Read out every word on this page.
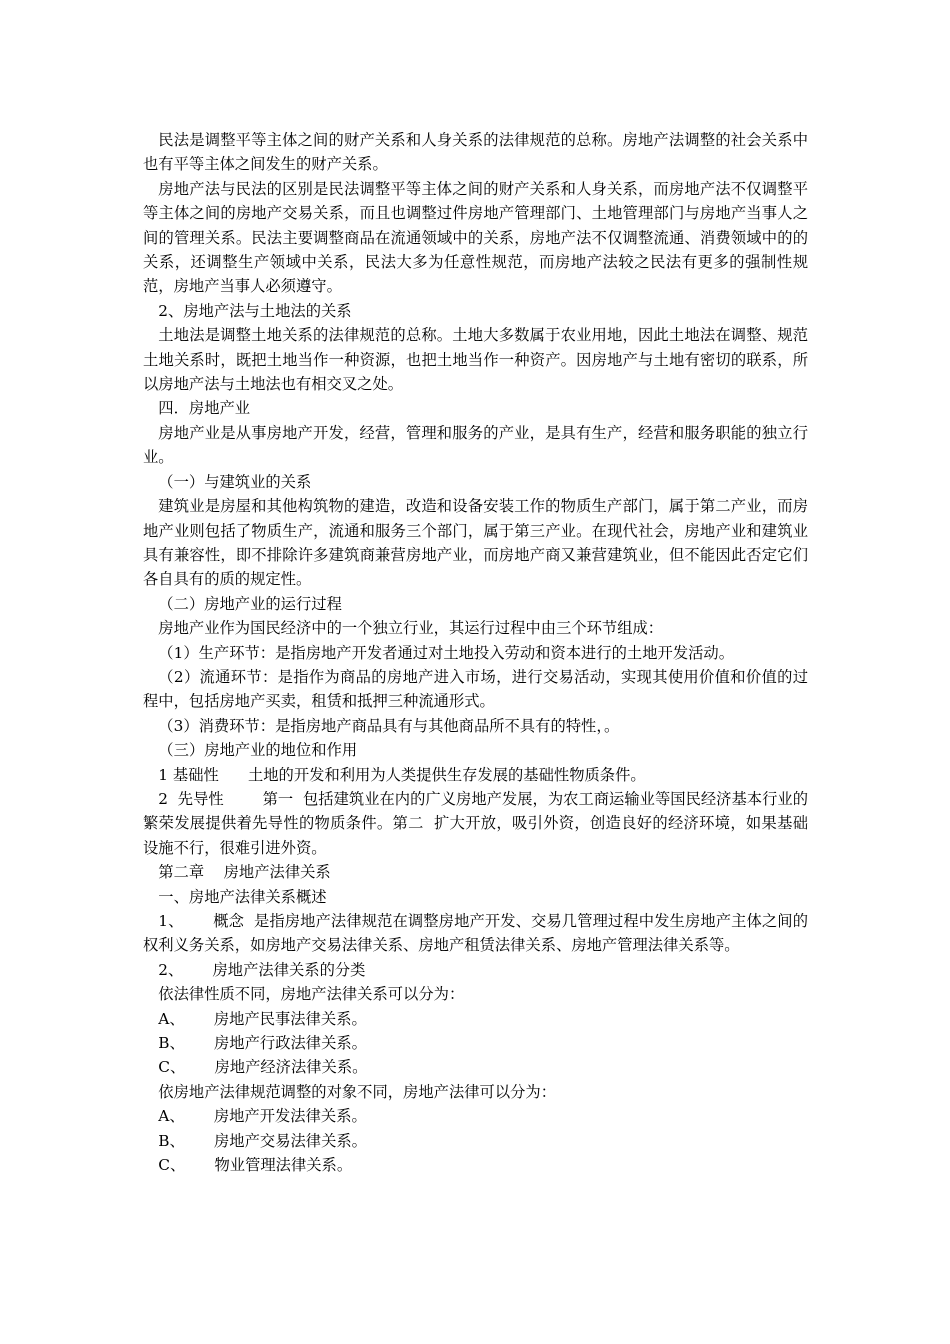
民法是调整平等主体之间的财产关系和人身关系的法律规范的总称。房地产法调整的社会关系中也有平等主体之间发生的财产关系。

房地产法与民法的区别是民法调整平等主体之间的财产关系和人身关系，而房地产法不仅调整平等主体之间的房地产交易关系，而且也调整过件房地产管理部门、土地管理部门与房地产当事人之间的管理关系。民法主要调整商品在流通领域中的关系，房地产法不仅调整流通、消费领域中的的关系，还调整生产领域中关系，民法大多为任意性规范，而房地产法较之民法有更多的强制性规范，房地产当事人必须遵守。

2、房地产法与土地法的关系

土地法是调整土地关系的法律规范的总称。土地大多数属于农业用地，因此土地法在调整、规范土地关系时，既把土地当作一种资源，也把土地当作一种资产。因房地产与土地有密切的联系，所以房地产法与土地法也有相交叉之处。

四．房地产业

房地产业是从事房地产开发，经营，管理和服务的产业，是具有生产，经营和服务职能的独立行业。

（一）与建筑业的关系

建筑业是房屋和其他构筑物的建造，改造和设备安装工作的物质生产部门，属于第二产业，而房地产业则包括了物质生产，流通和服务三个部门，属于第三产业。在现代社会，房地产业和建筑业具有兼容性，即不排除许多建筑商兼营房地产业，而房地产商又兼营建筑业，但不能因此否定它们各自具有的质的规定性。

（二）房地产业的运行过程

房地产业作为国民经济中的一个独立行业，其运行过程中由三个环节组成：

（1）生产环节：是指房地产开发者通过对土地投入劳动和资本进行的土地开发活动。

（2）流通环节：是指作为商品的房地产进入市场，进行交易活动，实现其使用价值和价值的过程中，包括房地产买卖，租赁和抵押三种流通形式。

（3）消费环节：是指房地产商品具有与其他商品所不具有的特性，。

（三）房地产业的地位和作用

1 基础性      土地的开发和利用为人类提供生存发展的基础性物质条件。

2  先导性        第一  包括建筑业在内的广义房地产发展，为农工商运输业等国民经济基本行业的繁荣发展提供着先导性的物质条件。第二  扩大开放，吸引外资，创造良好的经济环境，如果基础设施不行，很难引进外资。

第二章    房地产法律关系

一、房地产法律关系概述

1、      概念  是指房地产法律规范在调整房地产开发、交易几管理过程中发生房地产主体之间的权利义务关系，如房地产交易法律关系、房地产租赁法律关系、房地产管理法律关系等。

2、      房地产法律关系的分类

依法律性质不同，房地产法律关系可以分为：

A、      房地产民事法律关系。

B、      房地产行政法律关系。

C、      房地产经济法律关系。

依房地产法律规范调整的对象不同，房地产法律可以分为：

A、      房地产开发法律关系。

B、      房地产交易法律关系。

C、      物业管理法律关系。
